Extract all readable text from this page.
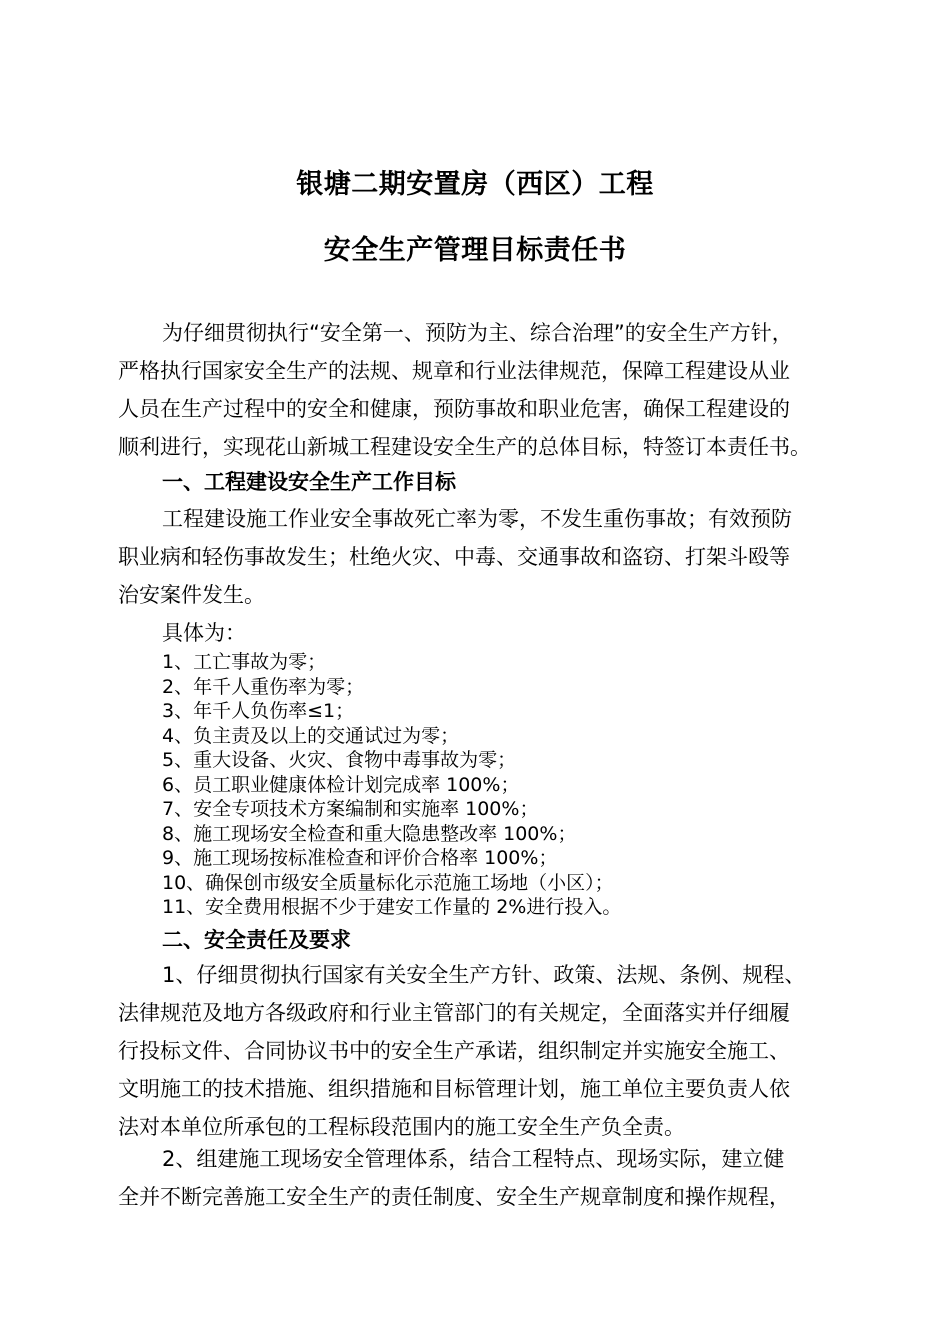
银塘二期安置房（西区）工程
安全生产管理目标责任书
为仔细贯彻执行“安全第一、预防为主、综合治理”的安全生产方针，
严格执行国家安全生产的法规、规章和行业法律规范，保障工程建设从业
人员在生产过程中的安全和健康，预防事故和职业危害，确保工程建设的
顺利进行，实现花山新城工程建设安全生产的总体目标，特签订本责任书。
一、工程建设安全生产工作目标
工程建设施工作业安全事故死亡率为零，不发生重伤事故；有效预防
职业病和轻伤事故发生；杜绝火灾、中毒、交通事故和盗窃、打架斗殴等
治安案件发生。
具体为：
1、工亡事故为零；
2、年千人重伤率为零；
3、年千人负伤率≤1；
4、负主责及以上的交通试过为零；
5、重大设备、火灾、食物中毒事故为零；
6、员工职业健康体检计划完成率 100%；
7、安全专项技术方案编制和实施率 100%；
8、施工现场安全检查和重大隐患整改率 100%；
9、施工现场按标准检查和评价合格率 100%；
10、确保创市级安全质量标化示范施工场地（小区）；
11、安全费用根据不少于建安工作量的 2%进行投入。
二、安全责任及要求
1、仔细贯彻执行国家有关安全生产方针、政策、法规、条例、规程、
法律规范及地方各级政府和行业主管部门的有关规定，全面落实并仔细履
行投标文件、合同协议书中的安全生产承诺，组织制定并实施安全施工、
文明施工的技术措施、组织措施和目标管理计划，施工单位主要负责人依
法对本单位所承包的工程标段范围内的施工安全生产负全责。
2、组建施工现场安全管理体系，结合工程特点、现场实际，建立健
全并不断完善施工安全生产的责任制度、安全生产规章制度和操作规程，
